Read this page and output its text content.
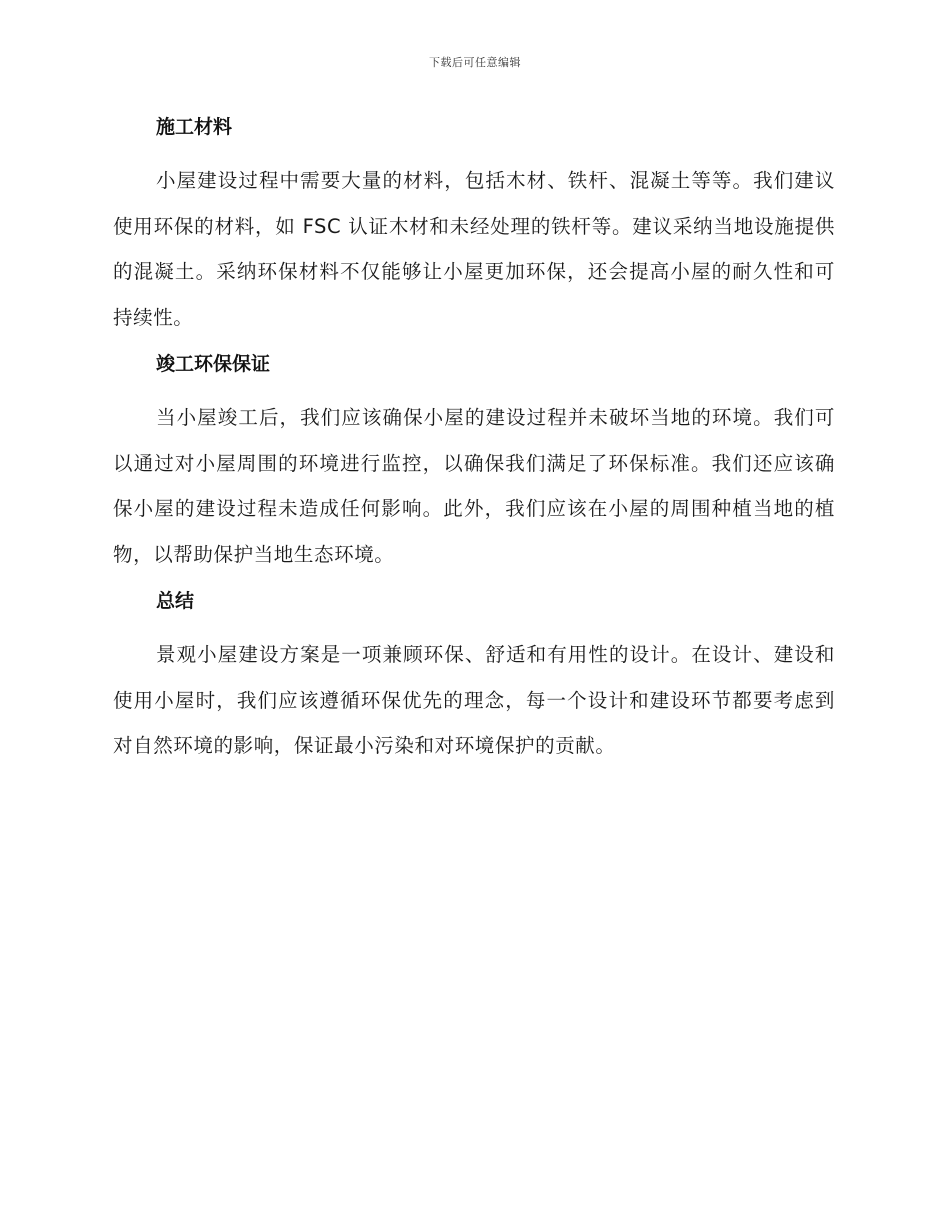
下载后可任意编辑
施工材料
小屋建设过程中需要大量的材料，包括木材、铁杆、混凝土等等。我们建议使用环保的材料，如 FSC 认证木材和未经处理的铁杆等。建议采纳当地设施提供的混凝土。采纳环保材料不仅能够让小屋更加环保，还会提高小屋的耐久性和可持续性。
竣工环保保证
当小屋竣工后，我们应该确保小屋的建设过程并未破坏当地的环境。我们可以通过对小屋周围的环境进行监控，以确保我们满足了环保标准。我们还应该确保小屋的建设过程未造成任何影响。此外，我们应该在小屋的周围种植当地的植物，以帮助保护当地生态环境。
总结
景观小屋建设方案是一项兼顾环保、舒适和有用性的设计。在设计、建设和使用小屋时，我们应该遵循环保优先的理念，每一个设计和建设环节都要考虑到对自然环境的影响，保证最小污染和对环境保护的贡献。
